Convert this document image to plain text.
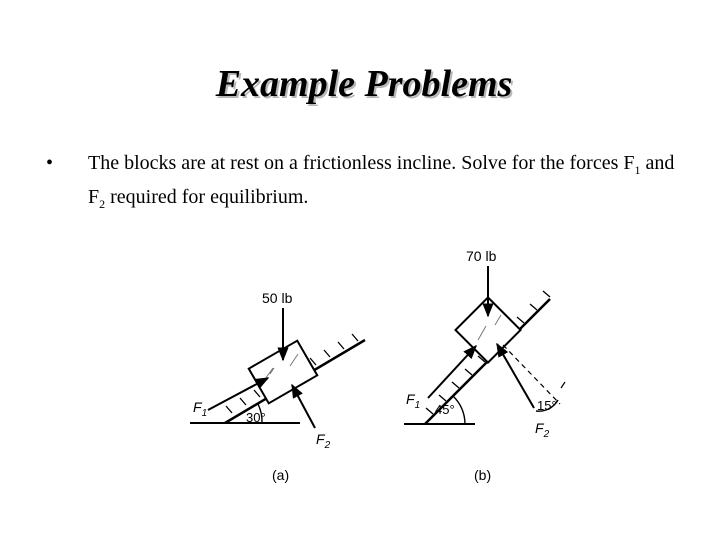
Example Problems
• The blocks are at rest on a frictionless incline. Solve for the forces $F_1$ and $F_2$ required for equilibrium.
50 lb
30°
$F_1$
$F_2$
(a)
70 lb
45°	15°
$F_1$
$F_2$
(b)
